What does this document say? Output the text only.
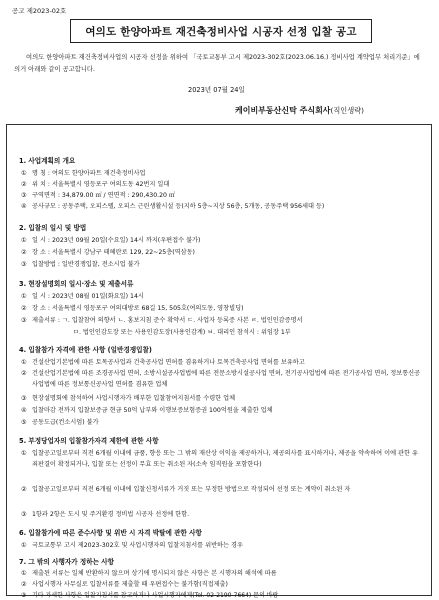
공고 제2023-02호
여의도 한양아파트 재건축정비사업 시공자 선정 입찰 공고

여의도 한양아파트 재건축정비사업의 시공자 선정을 위하여 「국토교통부 고시 제2023-302호(2023.06.16.) 정비사업 계약업무 처리기준」에 의거 아래와 같이 공고합니다.

2023년 07월 24일
케이비부동산신탁 주식회사(직인생략)
1. 사업계획의 개요
① 명 칭 : 여의도 한양아파트 재건축정비사업
② 위 치 : 서울특별시 영등포구 여의도동 42번지 일대
③ 구역면적 : 34,879.00 ㎡ / 연면적 : 290,430.20 ㎡
④ 공사규모 : 공동주택, 오피스텔, 오피스 근린생활시설 등(지하 5층~지상 56층, 5개동, 공동주택 956세대 등)
2. 입찰의 일시 및 방법
① 일 시 : 2023년 09월 20일(수요일) 14시 까지(우편접수 불가)
② 장 소 : 서울특별시 강남구 테헤란로 129, 22~25층(역삼동)
③ 입찰방법 : 일반경쟁입찰, 전소시업 불가
3. 현장설명회의 일시·장소 및 제출서류
① 일 시 : 2023년 08월 01일(화요일) 14시
② 장 소 : 서울특별시 영등포구 여의대방로 68길 15, 505호(여의도동, 영창빌딩)
③ 제출서류 : ㄱ. 입찰참여 의향서 ㄴ. 홍보지침 준수 확약서 ㄷ. 사업자 등록증 사본 ㄹ. 법인인감증명서
ㅁ. 법인인감도장 또는 사용인감도장(사용인감계) ㅂ. 대리인 참석시 : 위임장 1부
4. 입찰참가 자격에 관한 사항 (일반경쟁입찰)
① 건설산업기본법에 따른 토목공사업과 건축공사업 면허를 겸유하거나 토목건축공사업 면허를 보유하고
② 건설산업기본법에 따른 조경공사업 면허, 소방시설공사업법에 따른 전문소방시설공사업 면허, 전기공사업법에 따른 전기공사업 면허, 정보통신공사업법에 따른 정보통신공사업 면허를 겸유한 업체
③ 현장설명회에 참석하여 사업시행자가 배부한 입찰참여지침서를 수령한 업체
④ 입찰마감 전까지 입찰보증금 현금 50억 납부와 이행보증보험증권 100억원을 제출한 업체
⑤ 공동도급(컨소시엄) 불가
5. 부정당업자의 입찰참가자격 제한에 관한 사항
① 입찰공고일로부터 직전 6개월 이내에 금품, 향응 또는 그 밖의 재산상 이익을 제공하거나, 제공의사를 표시하거나, 제공을 약속하여 이에 관한 유죄판결이 확정되거나, 입찰 또는 선정이 무효 또는 취소된 자(소속 임직원을 포함한다)
② 입찰공고일로부터 직전 6개월 이내에 입찰신청서류가 거짓 또는 부정한 방법으로 작성되어 선정 또는 계약이 취소된 자
③ 1항과 2항은 도시 및 주거환경 정비법 시공자 선정에 한함.
6. 입찰참가에 따른 준수사항 및 위반 시 자격 박탈에 관한 사항
① 국토교통부 고시 제2023-302호 및 사업시행자의 입찰지침서를 위반하는 경우
7. 그 밖의 사행자가 정하는 사항
① 제출된 서류는 일체 반환하지 않으며 상기에 명시되지 않은 사항은 본 시행자의 해석에 따름
② 사업시행자 사무실로 입찰서류를 제출할 때 우편접수는 불가함(직접제출)
③ 기타 자세한 사항은 입찰지침서를 참고하거나 사업시행자에게(Tel. 02-2190-7664) 문의 바람
